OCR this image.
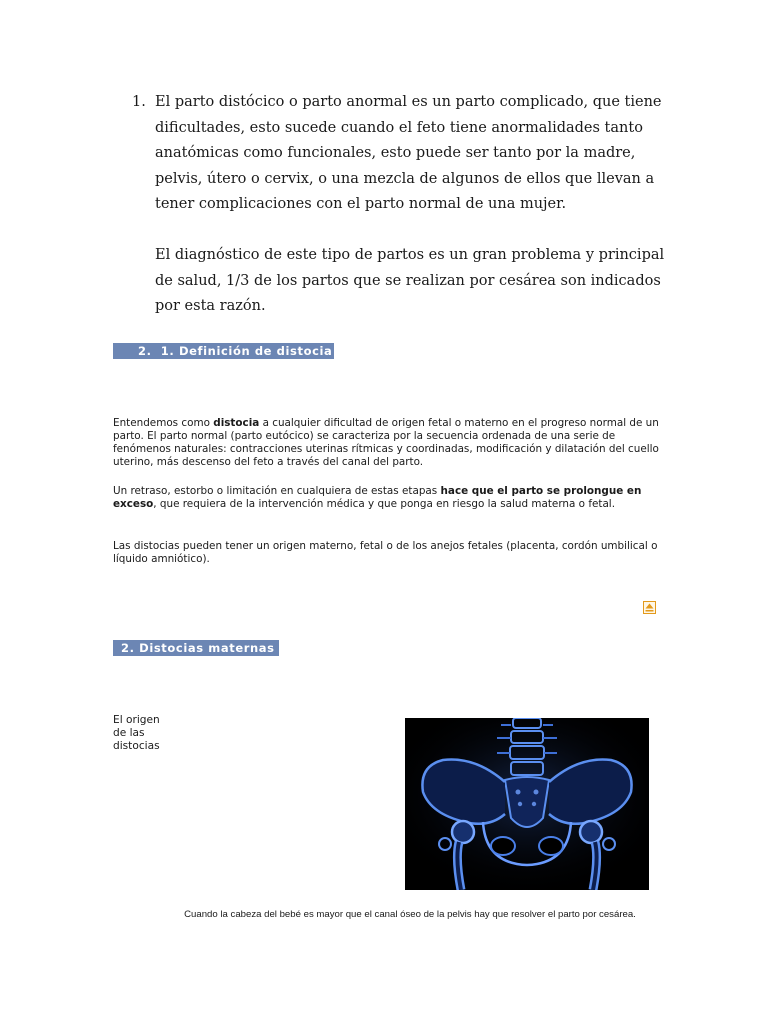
1. El parto distócico o parto anormal es un parto complicado, que tiene dificultades, esto sucede cuando el feto tiene anormalidades tanto anatómicas como funcionales, esto puede ser tanto por la madre, pelvis, útero o cervix, o una mezcla de algunos de ellos que llevan a tener complicaciones con el parto normal de una mujer.
El diagnóstico de este tipo de partos es un gran problema y principal de salud, 1/3 de los partos que se realizan por cesárea son indicados por esta razón.
2. 1. Definición de distocia
Entendemos como distocia a cualquier dificultad de origen fetal o materno en el progreso normal de un parto. El parto normal (parto eutócico) se caracteriza por la secuencia ordenada de una serie de fenómenos naturales: contracciones uterinas rítmicas y coordinadas, modificación y dilatación del cuello uterino, más descenso del feto a través del canal del parto.
Un retraso, estorbo o limitación en cualquiera de estas etapas hace que el parto se prolongue en exceso, que requiera de la intervención médica y que ponga en riesgo la salud materna o fetal.
Las distocias pueden tener un origen materno, fetal o de los anejos fetales (placenta, cordón umbilical o líquido amniótico).
2. Distocias maternas
El origen de las distocias
Cuando la cabeza del bebé es mayor que el canal óseo de la pelvis hay que resolver el parto por cesárea.
